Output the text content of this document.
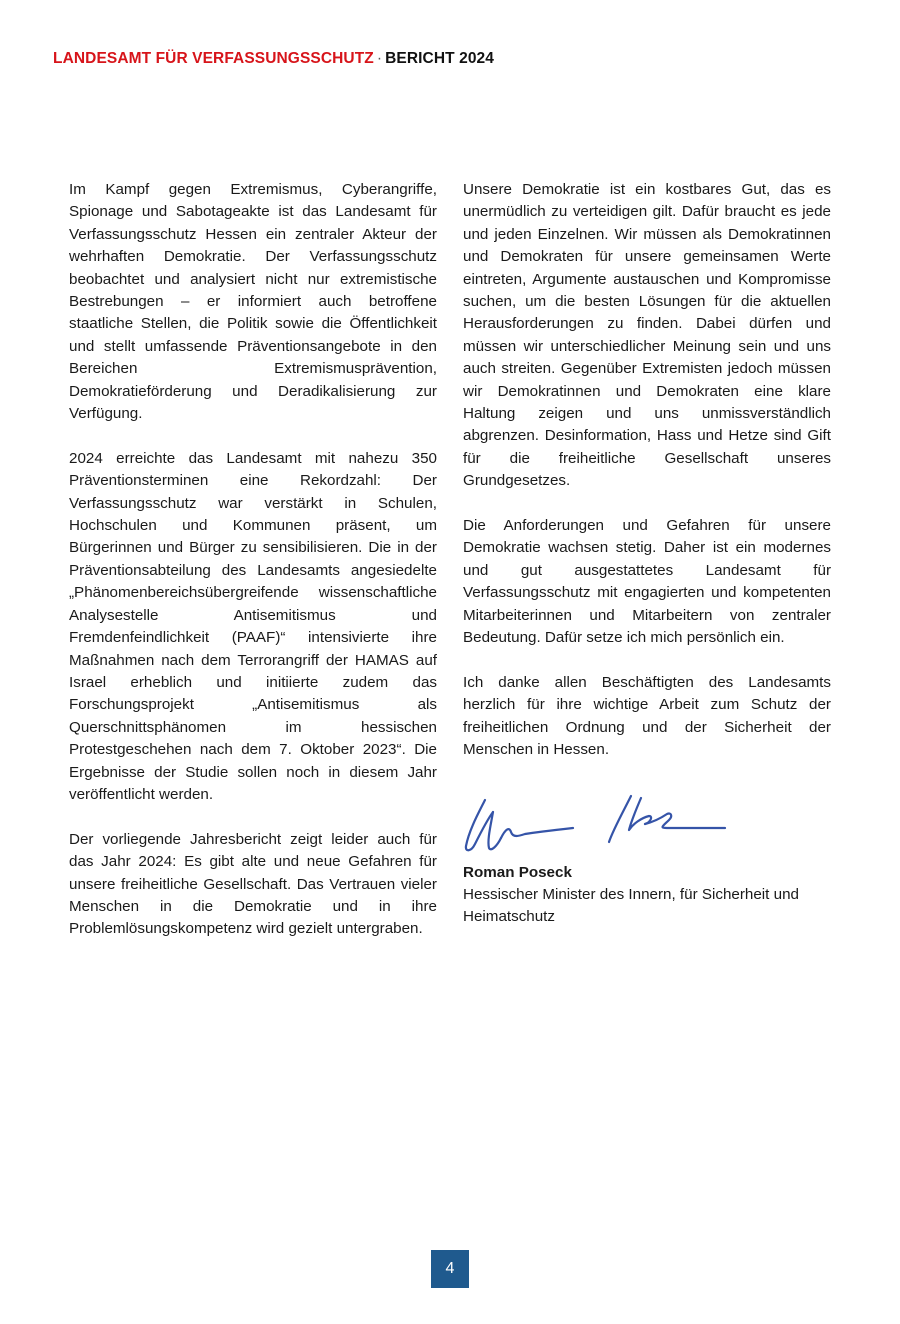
LANDESAMT FÜR VERFASSUNGSSCHUTZ · BERICHT 2024

Im Kampf gegen Extremismus, Cyberangriffe, Spionage und Sabotageakte ist das Landesamt für Verfassungsschutz Hessen ein zentraler Akteur der wehrhaften Demokratie. Der Verfassungsschutz beobachtet und analysiert nicht nur extremistische Bestrebungen – er informiert auch betroffene staatliche Stellen, die Politik sowie die Öffentlichkeit und stellt umfassende Präventionsangebote in den Bereichen Extremismusprävention, Demokratieförderung und Deradikalisierung zur Verfügung.

2024 erreichte das Landesamt mit nahezu 350 Präventionsterminen eine Rekordzahl: Der Verfassungsschutz war verstärkt in Schulen, Hochschulen und Kommunen präsent, um Bürgerinnen und Bürger zu sensibilisieren. Die in der Präventionsabteilung des Landesamts angesiedelte „Phänomenbereichsübergreifende wissenschaftliche Analysestelle Antisemitismus und Fremdenfeindlichkeit (PAAF)“ intensivierte ihre Maßnahmen nach dem Terrorangriff der HAMAS auf Israel erheblich und initiierte zudem das Forschungsprojekt „Antisemitismus als Querschnittsphänomen im hessischen Protestgeschehen nach dem 7. Oktober 2023“. Die Ergebnisse der Studie sollen noch in diesem Jahr veröffentlicht werden.

Der vorliegende Jahresbericht zeigt leider auch für das Jahr 2024: Es gibt alte und neue Gefahren für unsere freiheitliche Gesellschaft. Das Vertrauen vieler Menschen in die Demokratie und in ihre Problemlösungskompetenz wird gezielt untergraben.

Unsere Demokratie ist ein kostbares Gut, das es unermüdlich zu verteidigen gilt. Dafür braucht es jede und jeden Einzelnen. Wir müssen als Demokratinnen und Demokraten für unsere gemeinsamen Werte eintreten, Argumente austauschen und Kompromisse suchen, um die besten Lösungen für die aktuellen Herausforderungen zu finden. Dabei dürfen und müssen wir unterschiedlicher Meinung sein und uns auch streiten. Gegenüber Extremisten jedoch müssen wir Demokratinnen und Demokraten eine klare Haltung zeigen und uns unmissverständlich abgrenzen. Desinformation, Hass und Hetze sind Gift für die freiheitliche Gesellschaft unseres Grundgesetzes.

Die Anforderungen und Gefahren für unsere Demokratie wachsen stetig. Daher ist ein modernes und gut ausgestattetes Landesamt für Verfassungsschutz mit engagierten und kompetenten Mitarbeiterinnen und Mitarbeitern von zentraler Bedeutung. Dafür setze ich mich persönlich ein.

Ich danke allen Beschäftigten des Landesamts herzlich für ihre wichtige Arbeit zum Schutz der freiheitlichen Ordnung und der Sicherheit der Menschen in Hessen.

Roman Poseck
Hessischer Minister des Innern, für Sicherheit und Heimatschutz
4
